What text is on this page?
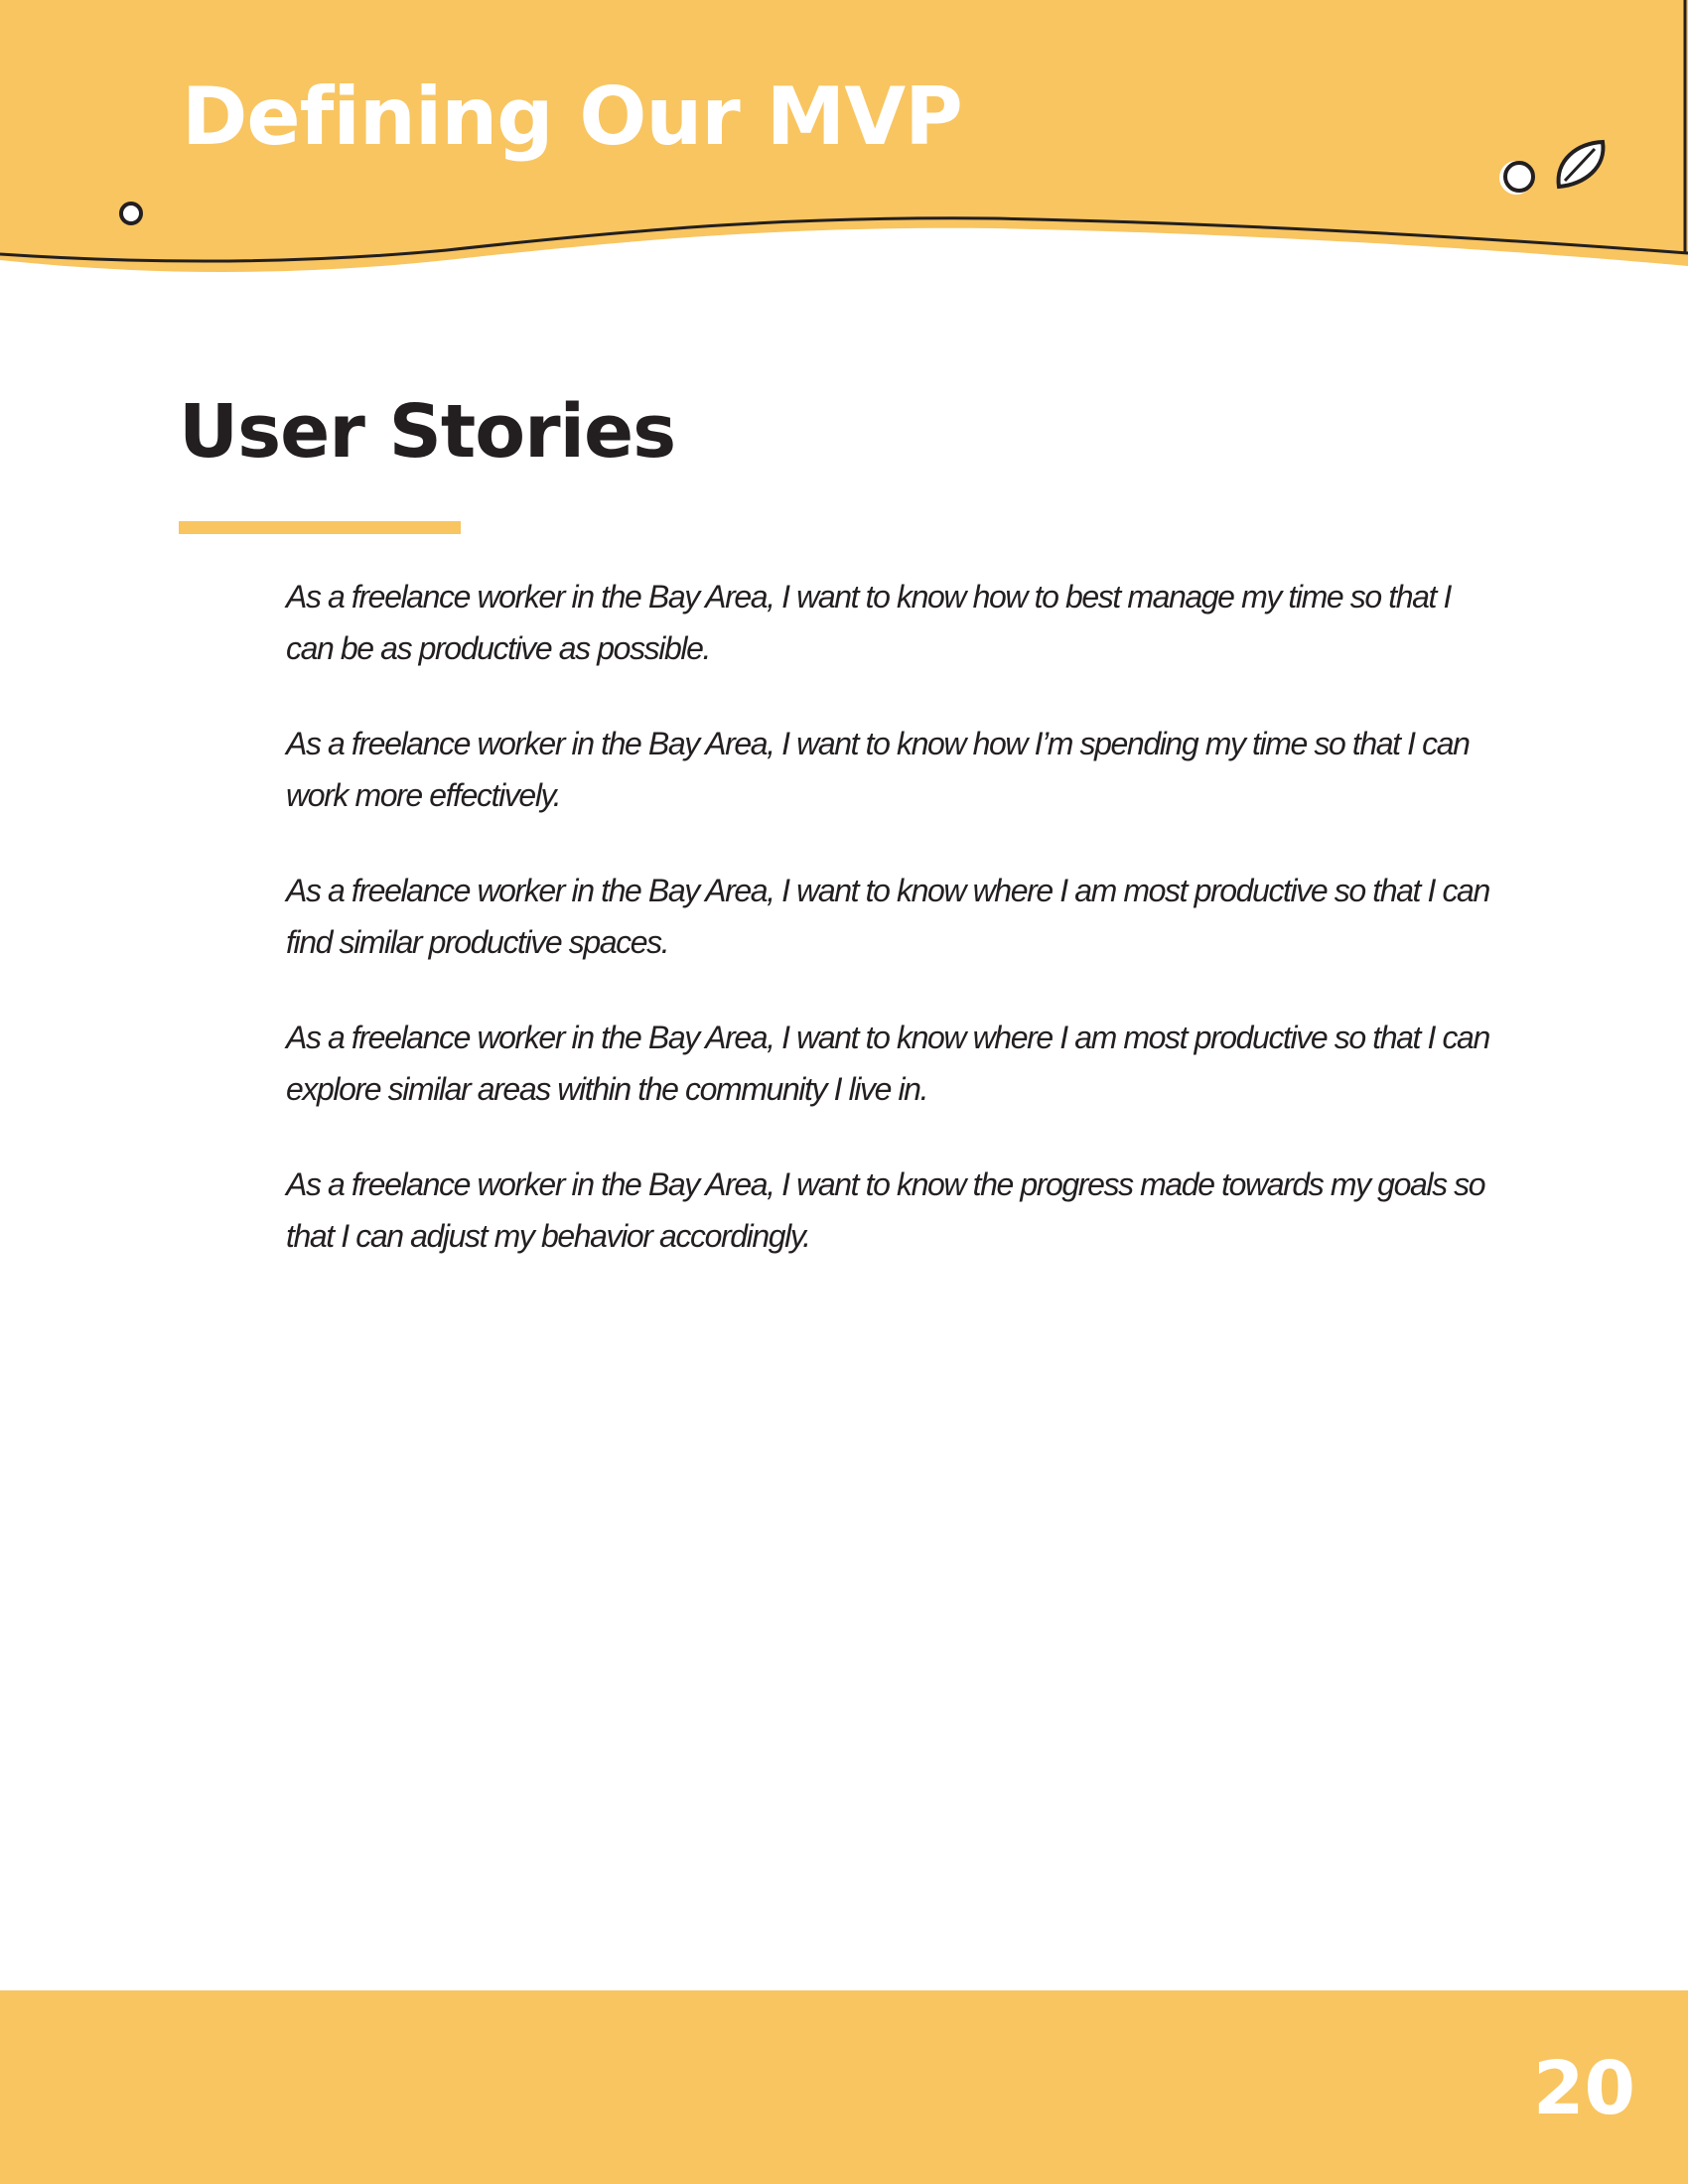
Defining Our MVP
User Stories
As a freelance worker in the Bay Area, I want to know how to best manage my time so that I can be as productive as possible.
As a freelance worker in the Bay Area, I want to know how I’m spending my time so that I can work more effectively.
As a freelance worker in the Bay Area, I want to know where I am most productive so that I can find similar productive spaces.
As a freelance worker in the Bay Area, I want to know where I am most productive so that I can explore similar areas within the community I live in.
As a freelance worker in the Bay Area, I want to know the progress made towards my goals so that I can adjust my behavior accordingly.
20
